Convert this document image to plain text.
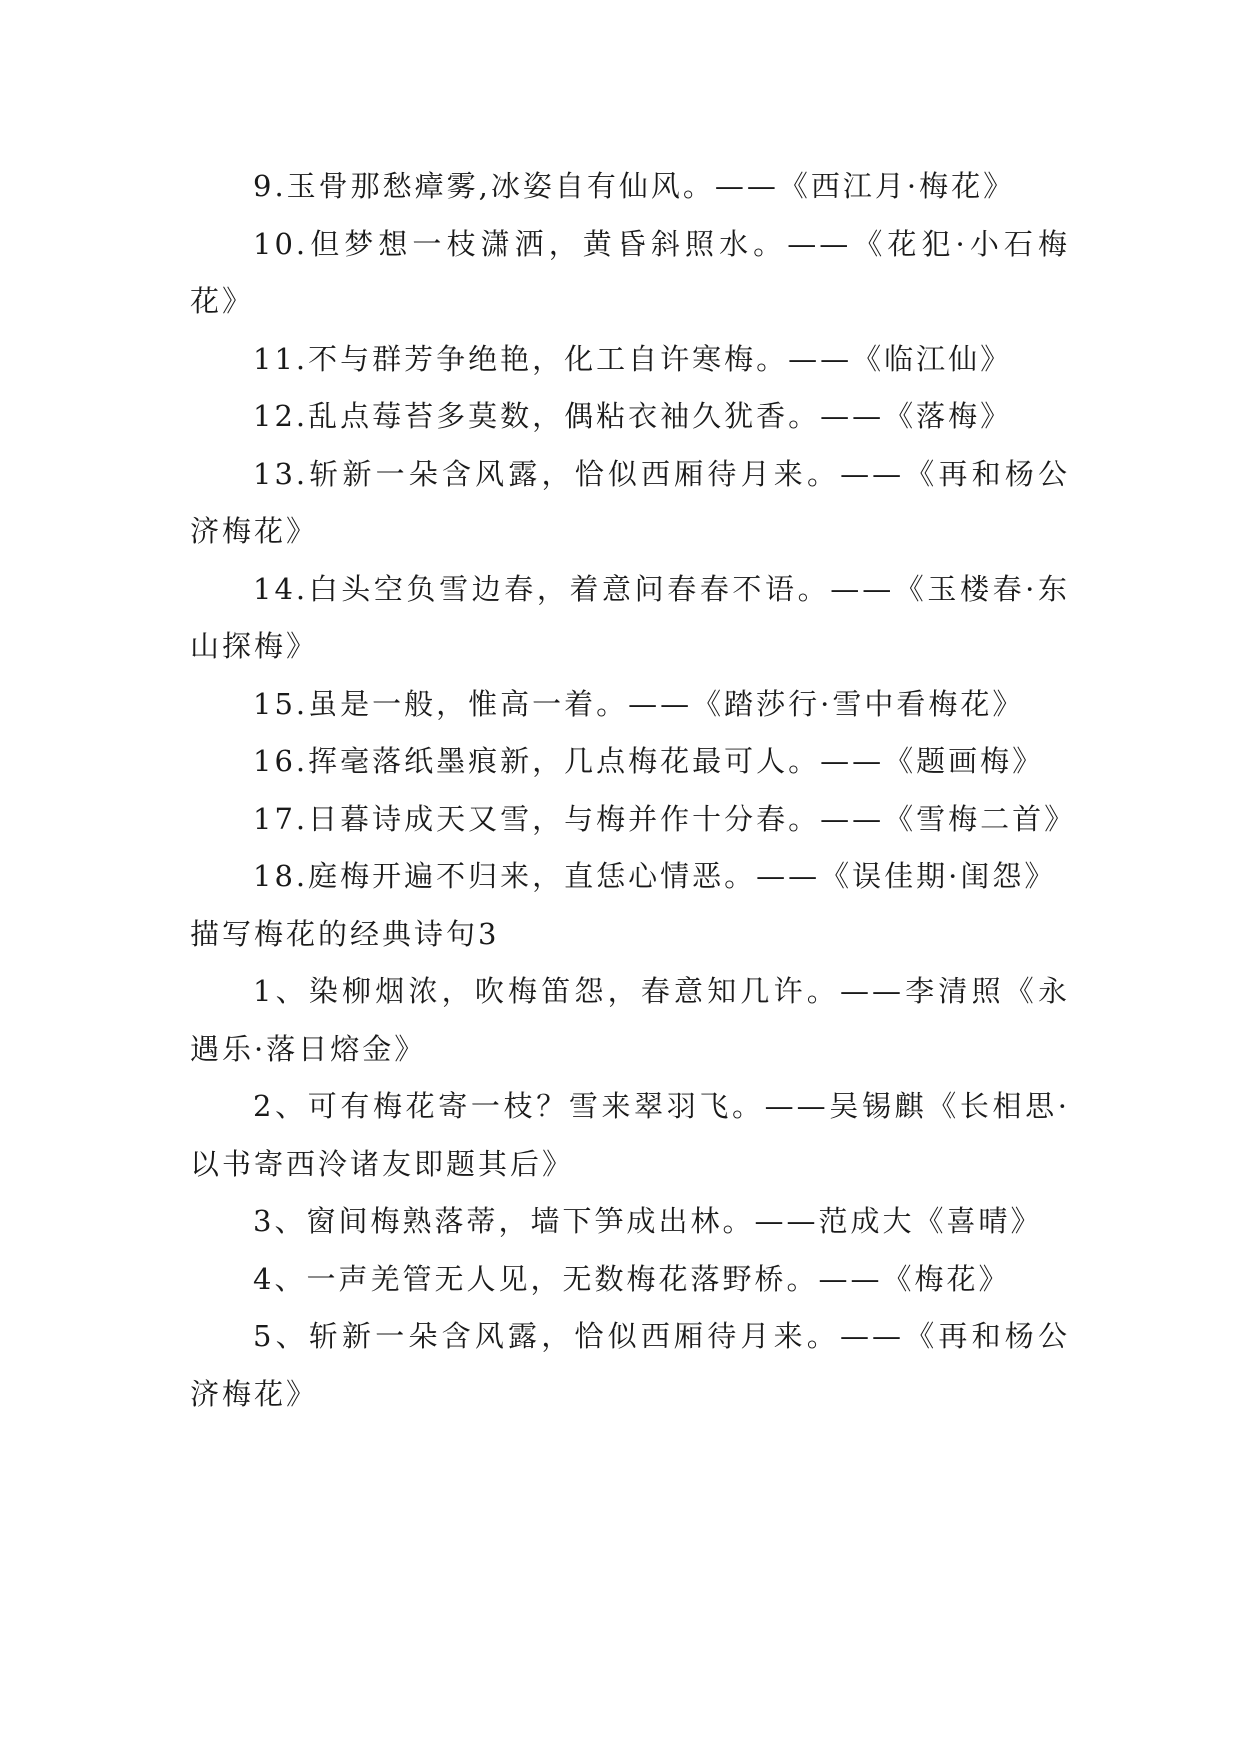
9.玉骨那愁瘴雾,冰姿自有仙风。——《西江月·梅花》

10.但梦想一枝潇洒，黄昏斜照水。——《花犯·小石梅花》

11.不与群芳争绝艳，化工自许寒梅。——《临江仙》

12.乱点莓苔多莫数，偶粘衣袖久犹香。——《落梅》

13.斩新一朵含风露，恰似西厢待月来。——《再和杨公济梅花》

14.白头空负雪边春，着意问春春不语。——《玉楼春·东山探梅》

15.虽是一般，惟高一着。——《踏莎行·雪中看梅花》

16.挥毫落纸墨痕新，几点梅花最可人。——《题画梅》

17.日暮诗成天又雪，与梅并作十分春。——《雪梅二首》

18.庭梅开遍不归来，直恁心情恶。——《误佳期·闺怨》

描写梅花的经典诗句3

1、染柳烟浓，吹梅笛怨，春意知几许。——李清照《永遇乐·落日熔金》

2、可有梅花寄一枝？雪来翠羽飞。——吴锡麒《长相思·以书寄西泠诸友即题其后》

3、窗间梅熟落蒂，墙下笋成出林。——范成大《喜晴》

4、一声羌管无人见，无数梅花落野桥。——《梅花》

5、斩新一朵含风露，恰似西厢待月来。——《再和杨公济梅花》
